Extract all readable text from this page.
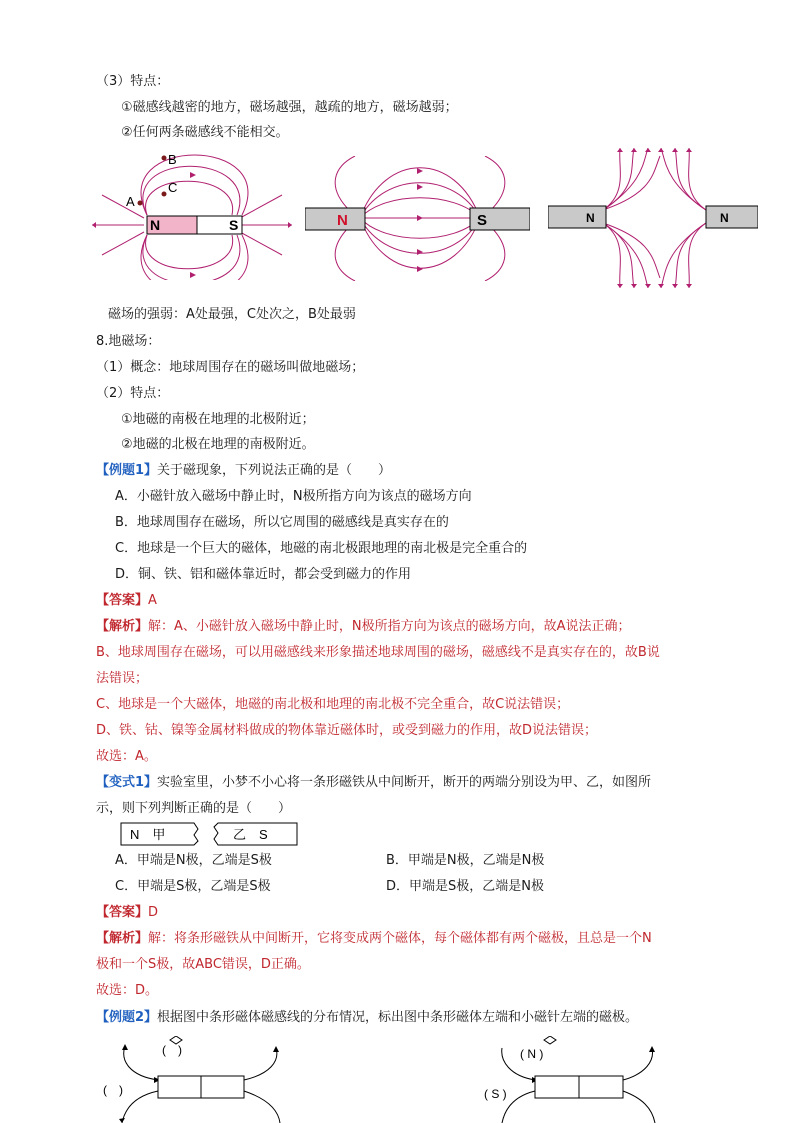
（3）特点：
①磁感线越密的地方，磁场越强，越疏的地方，磁场越弱；
②任何两条磁感线不能相交。
N	S
A
B
C
N	S	N	N
磁场的强弱：A处最强，C处次之，B处最弱
8.地磁场：
（1）概念：地球周围存在的磁场叫做地磁场；
（2）特点：
①地磁的南极在地理的北极附近；
②地磁的北极在地理的南极附近。
【例题1】关于磁现象，下列说法正确的是（　　）
A．小磁针放入磁场中静止时，N极所指方向为该点的磁场方向
B．地球周围存在磁场，所以它周围的磁感线是真实存在的
C．地球是一个巨大的磁体，地磁的南北极跟地理的南北极是完全重合的
D．铜、铁、铝和磁体靠近时，都会受到磁力的作用
【答案】A
【解析】解：A、小磁针放入磁场中静止时，N极所指方向为该点的磁场方向，故A说法正确；
B、地球周围存在磁场，可以用磁感线来形象描述地球周围的磁场，磁感线不是真实存在的，故B说
法错误；
C、地球是一个大磁体，地磁的南北极和地理的南北极不完全重合，故C说法错误；
D、铁、钴、镍等金属材料做成的物体靠近磁体时，或受到磁力的作用，故D说法错误；
故选：A。
【变式1】实验室里，小梦不小心将一条形磁铁从中间断开，断开的两端分别设为甲、乙，如图所
示，则下列判断正确的是（　　）
N　甲	乙　S
A．甲端是N极，乙端是S极	B．甲端是N极，乙端是N极
C．甲端是S极，乙端是S极	D．甲端是S极，乙端是N极
【答案】D
【解析】解：将条形磁铁从中间断开，它将变成两个磁体，每个磁体都有两个磁极，且总是一个N
极和一个S极，故ABC错误，D正确。
故选：D。
【例题2】根据图中条形磁体磁感线的分布情况，标出图中条形磁体左端和小磁针左端的磁极。
(　)
(　)
( N )
( S )
